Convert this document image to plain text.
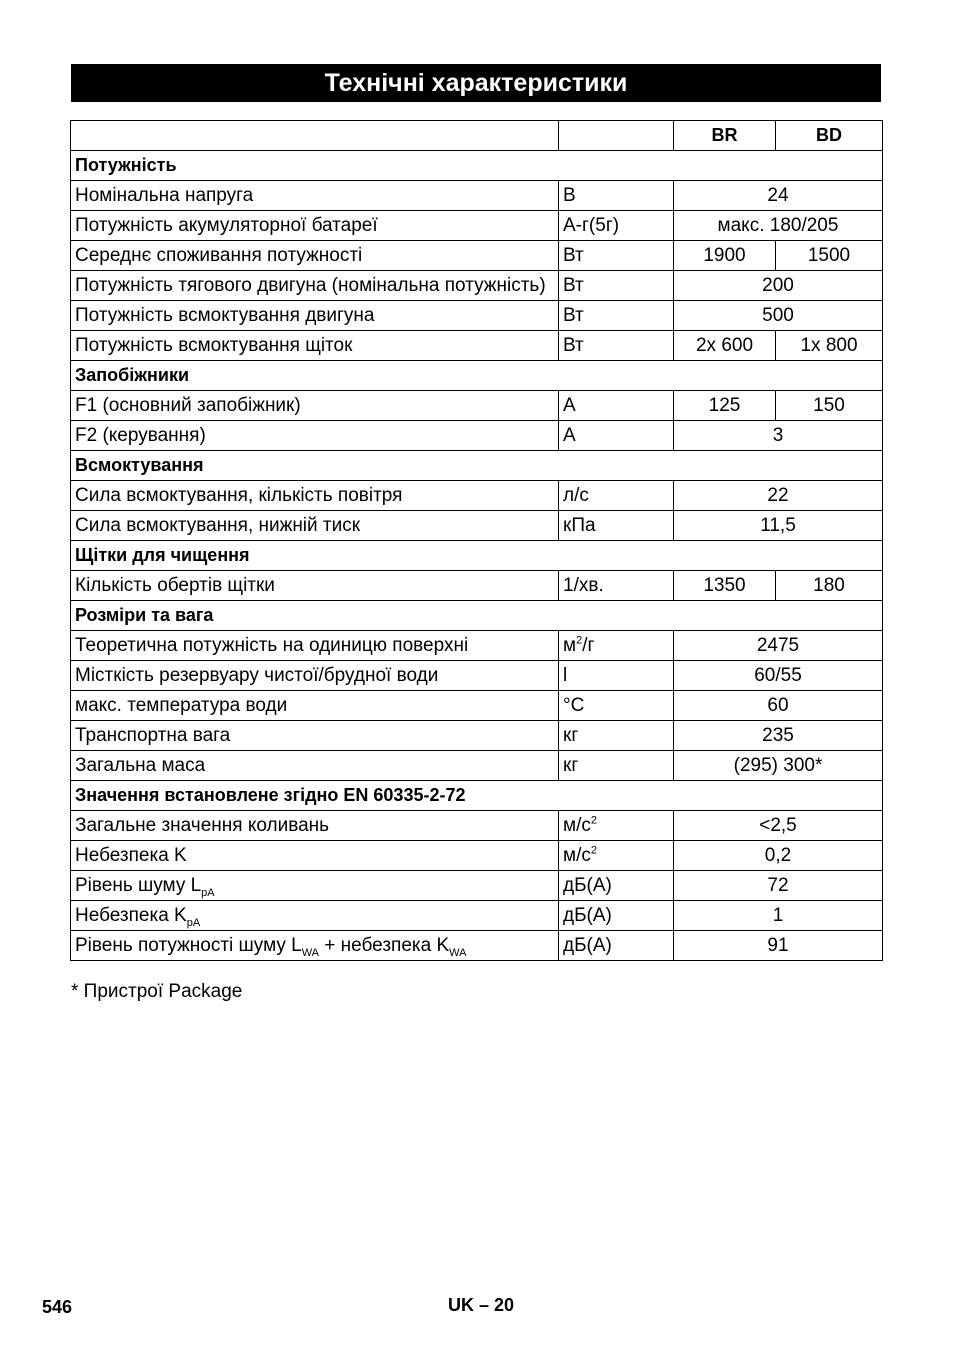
Технічні характеристики
		BR	BD
Потужність			
Номінальна напруга	В	24	
Потужність акумуляторної батареї	А-г(5г)	макс. 180/205	
Середнє споживання потужності	Вт	1900	1500
Потужність тягового двигуна (номінальна потужність)	Вт	200	
Потужність всмоктування двигуна	Вт	500	
Потужність всмоктування щіток	Вт	2x 600	1x 800
Запобіжники			
F1 (основний запобіжник)	A	125	150
F2 (керування)	A	3	
Всмоктування			
Сила всмоктування, кількість повітря	л/с	22	
Сила всмоктування, нижній тиск	кПа	11,5	
Щітки для чищення			
Кількість обертів щітки	1/хв.	1350	180
Розміри та вага			
Теоретична потужність на одиницю поверхні	$м^2/г$	2475	
Місткість резервуару чистої/брудної води	l	60/55	
макс. температура води	°C	60	
Транспортна вага	кг	235	
Загальна маса	кг	(295) 300*	
Значення встановлене згідно EN 60335-2-72			
Загальне значення коливань	$м/с^2$	<2,5	
Небезпека K	$м/с^2$	0,2	
Рівень шуму $L_{pA}$	дБ(А)	72	
Небезпека $K_{pA}$	дБ(А)	1	
Рівень потужності шуму $L_{WA}$ + небезпека $K_{WA}$	дБ(А)	91	
* Пристрої Package
546	UK – 20
